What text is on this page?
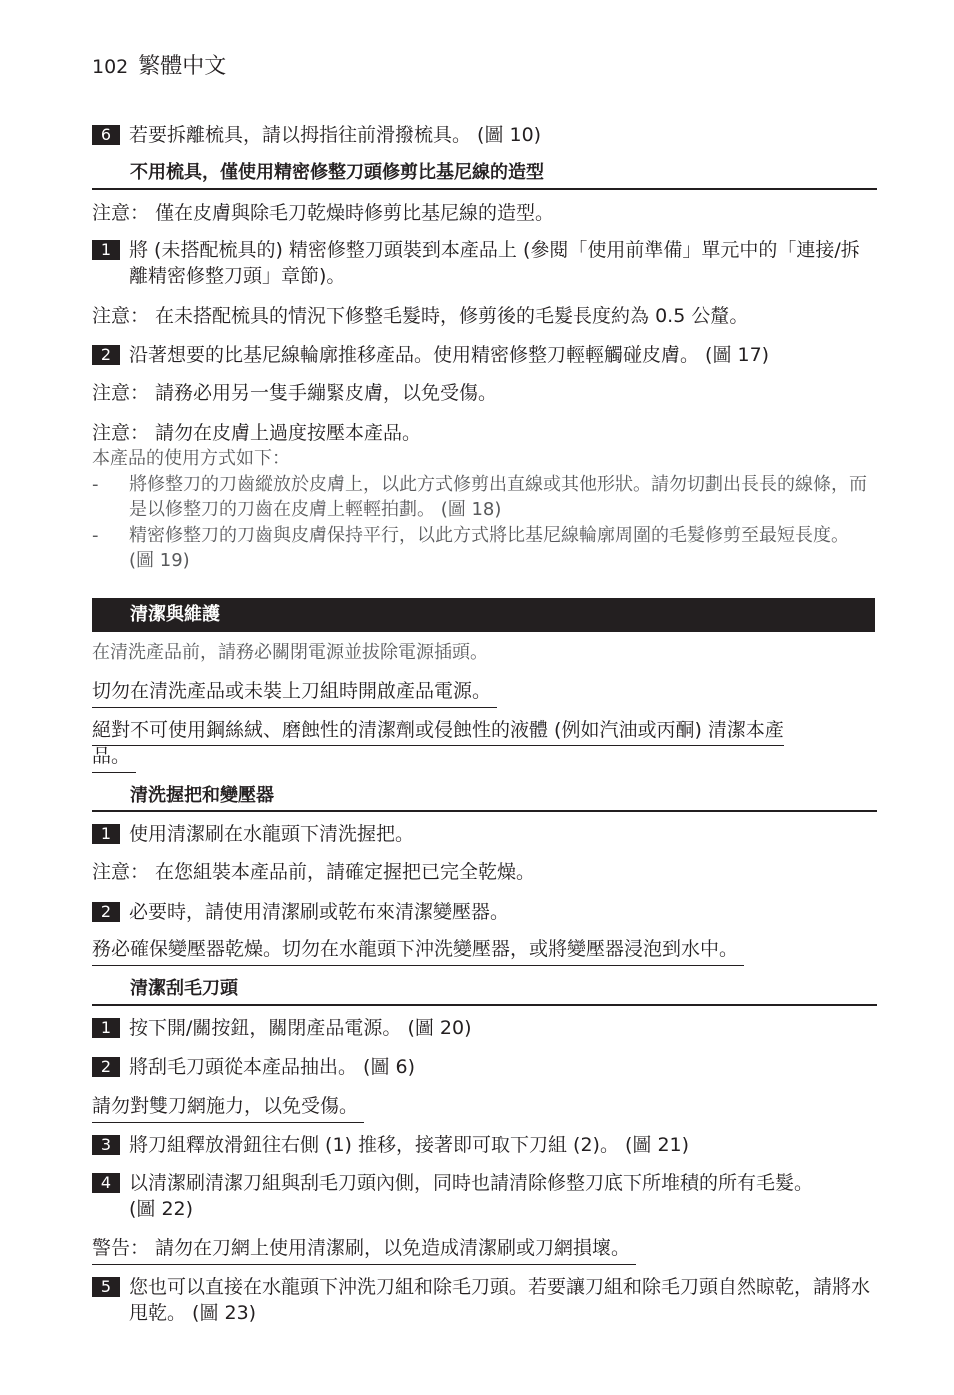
102 繁體中文
6 若要拆離梳具，請以拇指往前滑撥梳具。 (圖 10)
不用梳具，僅使用精密修整刀頭修剪比基尼線的造型
注意： 僅在皮膚與除毛刀乾燥時修剪比基尼線的造型。
1 將 (未搭配梳具的) 精密修整刀頭裝到本產品上 (參閱「使用前準備」單元中的「連接/拆離精密修整刀頭」章節)。
注意： 在未搭配梳具的情況下修整毛髮時，修剪後的毛髮長度約為 0.5 公釐。
2 沿著想要的比基尼線輪廓推移產品。使用精密修整刀輕輕觸碰皮膚。 (圖 17)
注意： 請務必用另一隻手繃緊皮膚，以免受傷。
注意： 請勿在皮膚上過度按壓本產品。
本產品的使用方式如下：
- 將修整刀的刀齒縱放於皮膚上，以此方式修剪出直線或其他形狀。請勿切劃出長長的線條，而是以修整刀的刀齒在皮膚上輕輕拍劃。 (圖 18)
- 精密修整刀的刀齒與皮膚保持平行，以此方式將比基尼線輪廓周圍的毛髮修剪至最短長度。 (圖 19)
清潔與維護
在清洗產品前，請務必關閉電源並拔除電源插頭。
切勿在清洗產品或未裝上刀組時開啟產品電源。
絕對不可使用鋼絲絨、磨蝕性的清潔劑或侵蝕性的液體 (例如汽油或丙酮) 清潔本產
品。
清洗握把和變壓器
1 使用清潔刷在水龍頭下清洗握把。
注意： 在您組裝本產品前，請確定握把已完全乾燥。
2 必要時，請使用清潔刷或乾布來清潔變壓器。
務必確保變壓器乾燥。切勿在水龍頭下沖洗變壓器，或將變壓器浸泡到水中。
清潔刮毛刀頭
1 按下開/關按鈕，關閉產品電源。 (圖 20)
2 將刮毛刀頭從本產品抽出。 (圖 6)
請勿對雙刀網施力，以免受傷。
3 將刀組釋放滑鈕往右側 (1) 推移，接著即可取下刀組 (2)。 (圖 21)
4 以清潔刷清潔刀組與刮毛刀頭內側，同時也請清除修整刀底下所堆積的所有毛髮。 (圖 22)
警告： 請勿在刀網上使用清潔刷，以免造成清潔刷或刀網損壞。
5 您也可以直接在水龍頭下沖洗刀組和除毛刀頭。若要讓刀組和除毛刀頭自然晾乾，請將水甩乾。 (圖 23)
